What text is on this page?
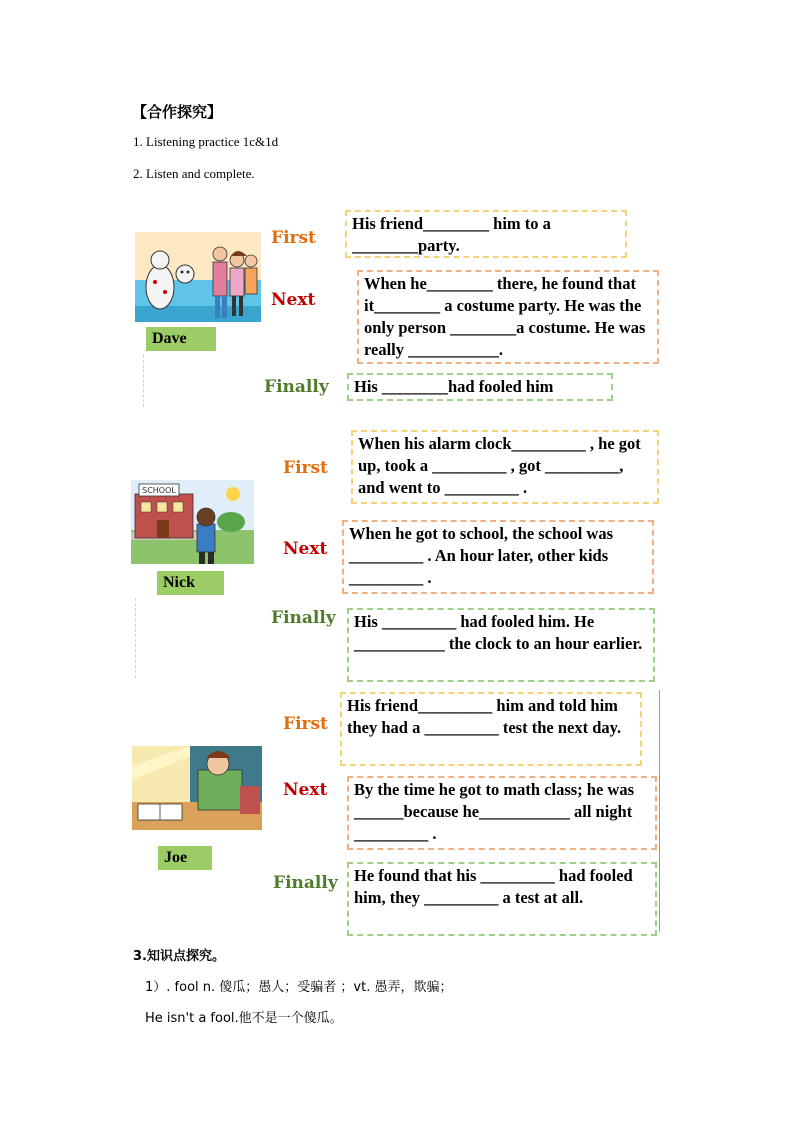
【合作探究】
1. Listening practice 1c&1d
2. Listen and complete.
Dave
First
Next
Finally
His friend________ him to a ________party.
When he________ there, he found that it________ a costume party. He was the only person ________a costume. He was really ___________.
His ________had fooled him
SCHOOL
Nick
First
Next
Finally
When his alarm clock_________ , he got up, took a _________ , got _________, and went to _________ .
When he got to school, the school was _________ . An hour later, other kids _________ .
His _________ had fooled him. He ___________ the clock to an hour earlier.
Joe
First
Next
Finally
His friend_________ him and told him they had a _________ test the next day.
By the time he got to math class; he was ______because he___________ all night _________ .
He found that his _________ had fooled him, they _________ a test at all.
3.知识点探究。
1）. fool n. 傻瓜；愚人；受骗者 ；vt. 愚弄，欺骗；
He isn't a fool.他不是一个傻瓜。
